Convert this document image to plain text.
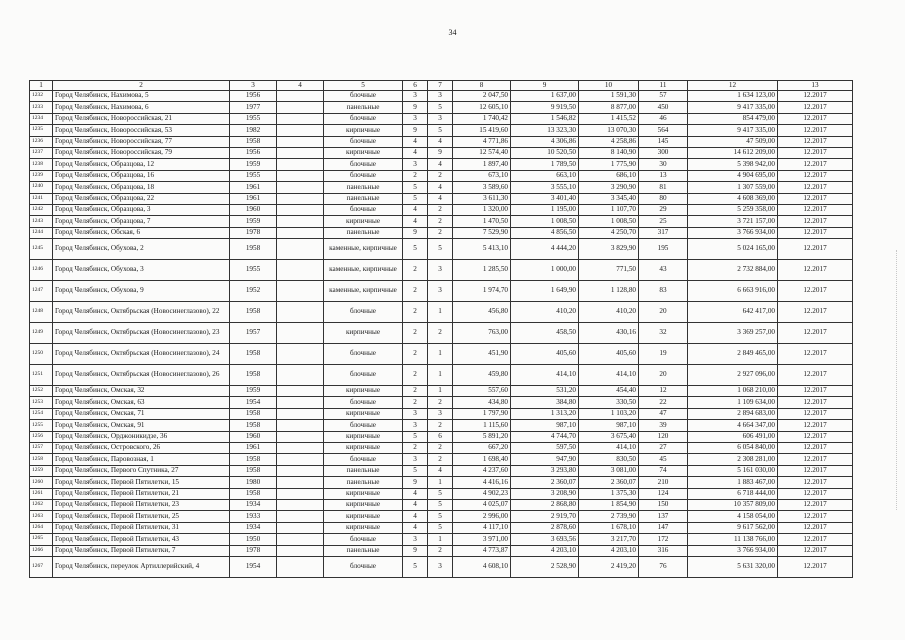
34
1	2	3	4	5	6	7	8	9	10	11	12	13
1232	Город Челябинск, Нахимова, 5	1956		блочные	3	3	2 047,50	1 637,00	1 591,30	57	1 634 123,00	12.2017
1233	Город Челябинск, Нахимова, 6	1977		панельные	9	5	12 605,10	9 919,50	8 877,00	450	9 417 335,00	12.2017
1234	Город Челябинск, Новороссийская, 21	1955		блочные	3	3	1 740,42	1 546,82	1 415,52	46	854 479,00	12.2017
1235	Город Челябинск, Новороссийская, 53	1982		кирпичные	9	5	15 419,60	13 323,30	13 070,30	564	9 417 335,00	12.2017
1236	Город Челябинск, Новороссийская, 77	1958		блочные	4	4	4 771,86	4 306,86	4 258,86	145	47 509,00	12.2017
1237	Город Челябинск, Новороссийская, 79	1956		кирпичные	4	9	12 574,40	10 520,50	8 140,90	300	14 612 209,00	12.2017
1238	Город Челябинск, Образцова, 12	1959		блочные	3	4	1 897,40	1 789,50	1 775,90	30	5 398 942,00	12.2017
1239	Город Челябинск, Образцова, 16	1955		блочные	2	2	673,10	663,10	686,10	13	4 904 695,00	12.2017
1240	Город Челябинск, Образцова, 18	1961		панельные	5	4	3 589,60	3 555,10	3 290,90	81	1 307 559,00	12.2017
1241	Город Челябинск, Образцова, 22	1961		панельные	5	4	3 611,30	3 401,40	3 345,40	80	4 608 369,00	12.2017
1242	Город Челябинск, Образцова, 3	1960		блочные	4	2	1 320,00	1 195,00	1 107,70	29	5 259 358,00	12.2017
1243	Город Челябинск, Образцова, 7	1959		кирпичные	4	2	1 470,50	1 008,50	1 008,50	25	3 721 157,00	12.2017
1244	Город Челябинск, Обская, 6	1978		панельные	9	2	7 529,90	4 856,50	4 250,70	317	3 766 934,00	12.2017
1245	Город Челябинск, Обухова, 2	1958		каменные, кирпичные	5	5	5 413,10	4 444,20	3 829,90	195	5 024 165,00	12.2017
1246	Город Челябинск, Обухова, 3	1955		каменные, кирпичные	2	3	1 285,50	1 000,00	771,50	43	2 732 884,00	12.2017
1247	Город Челябинск, Обухова, 9	1952		каменные, кирпичные	2	3	1 974,70	1 649,90	1 128,80	83	6 663 916,00	12.2017
1248	Город Челябинск, Октябрьская (Новосинеглазово), 22	1958		блочные	2	1	456,80	410,20	410,20	20	642 417,00	12.2017
1249	Город Челябинск, Октябрьская (Новосинеглазово), 23	1957		кирпичные	2	2	763,00	458,50	430,16	32	3 369 257,00	12.2017
1250	Город Челябинск, Октябрьская (Новосинеглазово), 24	1958		блочные	2	1	451,90	405,60	405,60	19	2 849 465,00	12.2017
1251	Город Челябинск, Октябрьская (Новосинеглазово), 26	1958		блочные	2	1	459,80	414,10	414,10	20	2 927 096,00	12.2017
1252	Город Челябинск, Омская, 32	1959		кирпичные	2	1	557,60	531,20	454,40	12	1 068 210,00	12.2017
1253	Город Челябинск, Омская, 63	1954		блочные	2	2	434,80	384,80	330,50	22	1 109 634,00	12.2017
1254	Город Челябинск, Омская, 71	1958		кирпичные	3	3	1 797,90	1 313,20	1 103,20	47	2 894 683,00	12.2017
1255	Город Челябинск, Омская, 91	1958		блочные	3	2	1 115,60	987,10	987,10	39	4 664 347,00	12.2017
1256	Город Челябинск, Орджоникидзе, 36	1960		кирпичные	5	6	5 891,20	4 744,70	3 675,40	120	606 491,00	12.2017
1257	Город Челябинск, Островского, 26	1961		кирпичные	2	2	667,20	597,50	414,10	27	6 054 840,00	12.2017
1258	Город Челябинск, Паровозная, 1	1958		блочные	3	2	1 698,40	947,90	830,50	45	2 308 281,00	12.2017
1259	Город Челябинск, Первого Спутника, 27	1958		панельные	5	4	4 237,60	3 293,80	3 081,00	74	5 161 030,00	12.2017
1260	Город Челябинск, Первой Пятилетки, 15	1980		панельные	9	1	4 416,16	2 360,07	2 360,07	210	1 883 467,00	12.2017
1261	Город Челябинск, Первой Пятилетки, 21	1958		кирпичные	4	5	4 902,23	3 208,90	1 375,30	124	6 718 444,00	12.2017
1262	Город Челябинск, Первой Пятилетки, 23	1934		кирпичные	4	5	4 025,07	2 868,80	1 854,90	150	10 357 809,00	12.2017
1263	Город Челябинск, Первой Пятилетки, 25	1933		кирпичные	4	5	2 996,00	2 919,70	2 739,90	137	4 158 054,00	12.2017
1264	Город Челябинск, Первой Пятилетки, 31	1934		кирпичные	4	5	4 117,10	2 878,60	1 678,10	147	9 617 562,00	12.2017
1265	Город Челябинск, Первой Пятилетки, 43	1950		блочные	3	1	3 971,00	3 693,56	3 217,70	172	11 138 766,00	12.2017
1266	Город Челябинск, Первой Пятилетки, 7	1978		панельные	9	2	4 773,87	4 203,10	4 203,10	316	3 766 934,00	12.2017
1267	Город Челябинск, переулок Артиллерийский, 4	1954		блочные	5	3	4 608,10	2 528,90	2 419,20	76	5 631 320,00	12.2017
